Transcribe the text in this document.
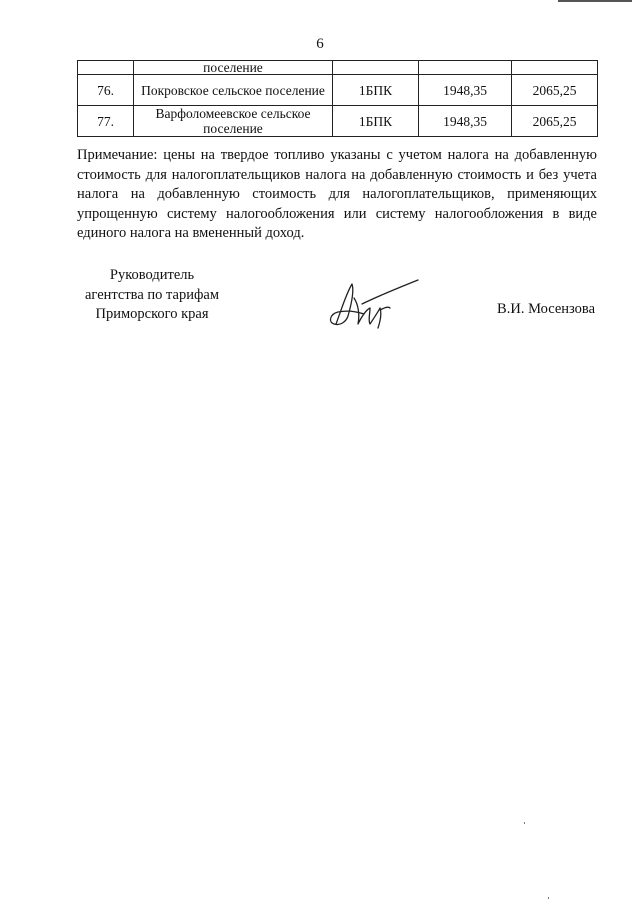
6
	поселение			
76.	Покровское сельское поселение	1БПК	1948,35	2065,25
77.	Варфоломеевское сельское поселение	1БПК	1948,35	2065,25

Примечание: цены на твердое топливо указаны с учетом налога на добавленную стоимость для налогоплательщиков налога на добавленную стоимость и без учета налога на добавленную стоимость для налогоплательщиков, применяющих упрощенную систему налогообложения или систему налогообложения в виде единого налога на вмененный доход.

Руководитель
агентства по тарифам
Приморского края	В.И. Мосензова
